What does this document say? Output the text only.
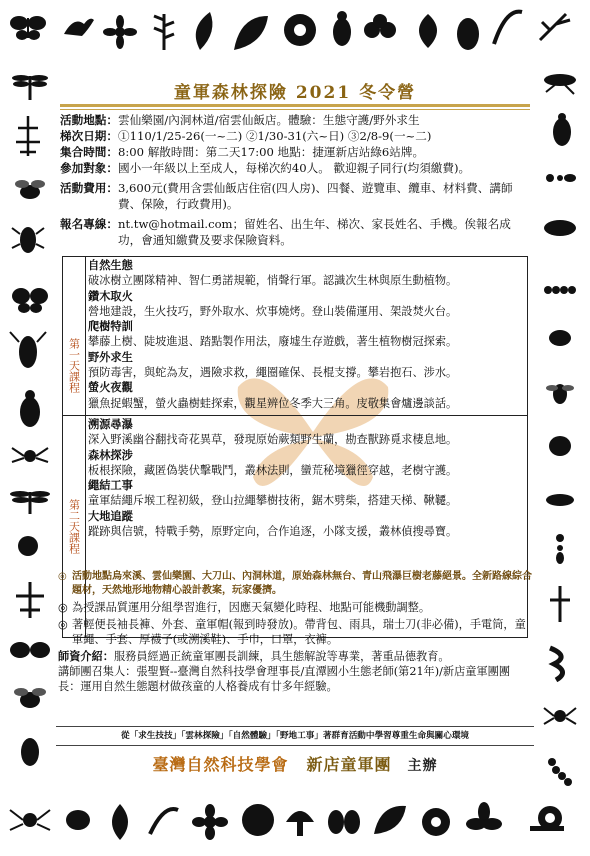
童軍森林探險 2021 冬令營
活動地點： 雲仙樂園/內洞林道/宿雲仙飯店。體驗：生態守護/野外求生
梯次日期： ①110/1/25-26(一~二) ②1/30-31(六~日) ③2/8-9(一~二)
集合時間： 8:00 解散時間：第二天17:00 地點：捷運新店站綠6站牌。
參加對象： 國小一年級以上至成人，每梯次約40人。 歡迎親子同行(均須繳費)。
活動費用： 3,600元(費用含雲仙飯店住宿(四人房)、四餐、遊覽車、纜車、材料費、講師費、保險，行政費用)。
報名專線： nt.tw@hotmail.com；留姓名、出生年、梯次、家長姓名、手機。俟報名成功，會通知繳費及要求保險資料。
第一天課程
自然生態
破冰樹立團隊精神、智仁勇諾規範，悄聲行軍。認識次生林與原生動植物。
鑽木取火
營地建設，生火技巧，野外取水、炊事燒烤。登山裝備運用、架設焚火台。
爬樹特訓
攀藤上樹、陡坡進退、踏點製作用法，廢墟生存遊戲，著生植物樹冠探索。
野外求生
預防毒害，與蛇為友，遇險求救，繩圈確保、長棍支撐。攀岩抱石、涉水。
螢火夜觀
獵魚捉蝦蟹，螢火蟲樹蛙探索，觀星辨位冬季大三角。庋敬集會爐邊談話。
第二天課程
溯源尋瀑
深入野溪幽谷翻找奇花異草，發現原始蕨類野生蘭，勘查獸跡覓求棲息地。
森林探涉
板根探險，藏匿偽裝伏擊戰鬥，叢林法則，蠻荒秘境獵徑穿越，老樹守護。
繩結工事
童軍結繩斥堠工程初級，登山拉繩攀樹技術，鋸木劈柴，搭建天梯、鞦韆。
大地追蹤
蹤跡與信號，特戰手勢，原野定向，合作追逐，小隊支援，叢林偵搜尋寶。
◎ 活動地點烏來溪、雲仙樂園、大刀山、內洞林道，原始森林無台、青山飛瀑巨樹老藤絕景。全新路線綜合題材，天然地形地物精心設計教案，玩家優擠。
◎ 為授課品質運用分組學習進行，因應天氣變化時程、地點可能機動調整。
◎ 著輕便長袖長褲、外套、童軍帽(報到時發放)。帶背包、雨具，瑞士刀(非必備)，手電筒，童軍繩、手套、厚襪子(或溯溪鞋)、手巾，口罩，衣褲。
師資介紹： 服務員經過正統童軍團長訓練，具生態解說等專業，著重品德教育。
講師團召集人：張聖賢--臺灣自然科技學會理事長/直潭國小生態老師(第21年)/新店童軍團團長：運用自然生態題材做孩童的人格養成有廿多年經驗。
從「求生技技」「雲林探險」「自然體驗」「野地工事」著群育活動中學習尊重生命與關心環境
臺灣自然科技學會 新店童軍團 主辦
